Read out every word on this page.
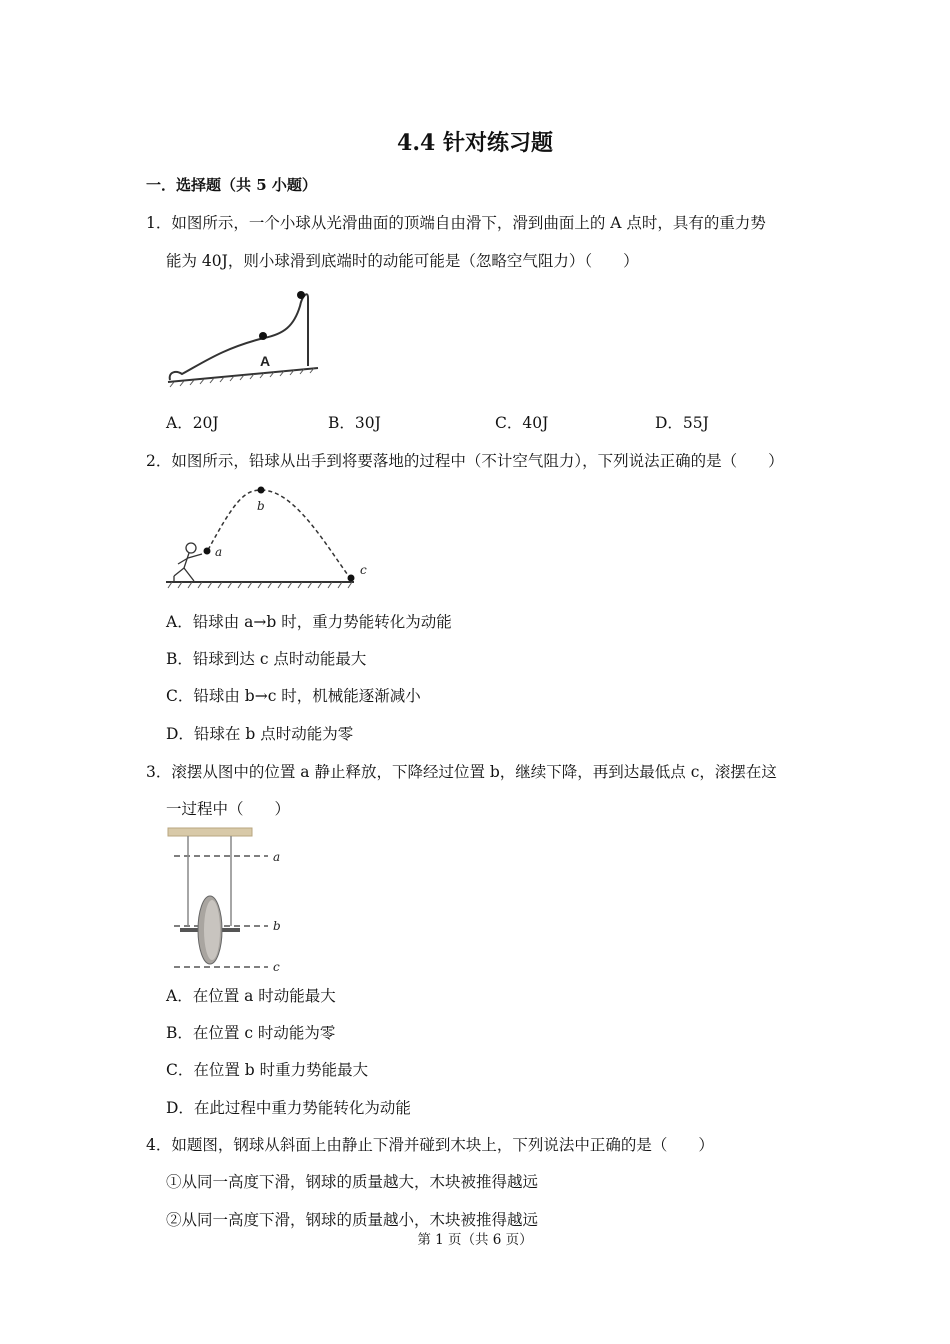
4.4 针对练习题
一．选择题（共 5 小题）
1．如图所示，一个小球从光滑曲面的顶端自由滑下，滑到曲面上的 A 点时，具有的重力势
能为 40J，则小球滑到底端时的动能可能是（忽略空气阻力）（　　）
A
A．20J	B．30J	C．40J	D．55J
2．如图所示，铅球从出手到将要落地的过程中（不计空气阻力），下列说法正确的是（　　）
a
b
c
A．铅球由 a→b 时，重力势能转化为动能
B．铅球到达 c 点时动能最大
C．铅球由 b→c 时，机械能逐渐减小
D．铅球在 b 点时动能为零
3．滚摆从图中的位置 a 静止释放，下降经过位置 b，继续下降，再到达最低点 c，滚摆在这
一过程中（　　）
a
b
c
A．在位置 a 时动能最大
B．在位置 c 时动能为零
C．在位置 b 时重力势能最大
D．在此过程中重力势能转化为动能
4．如题图，钢球从斜面上由静止下滑并碰到木块上，下列说法中正确的是（　　）
①从同一高度下滑，钢球的质量越大，木块被推得越远
②从同一高度下滑，钢球的质量越小，木块被推得越远
第 1 页（共 6 页）
